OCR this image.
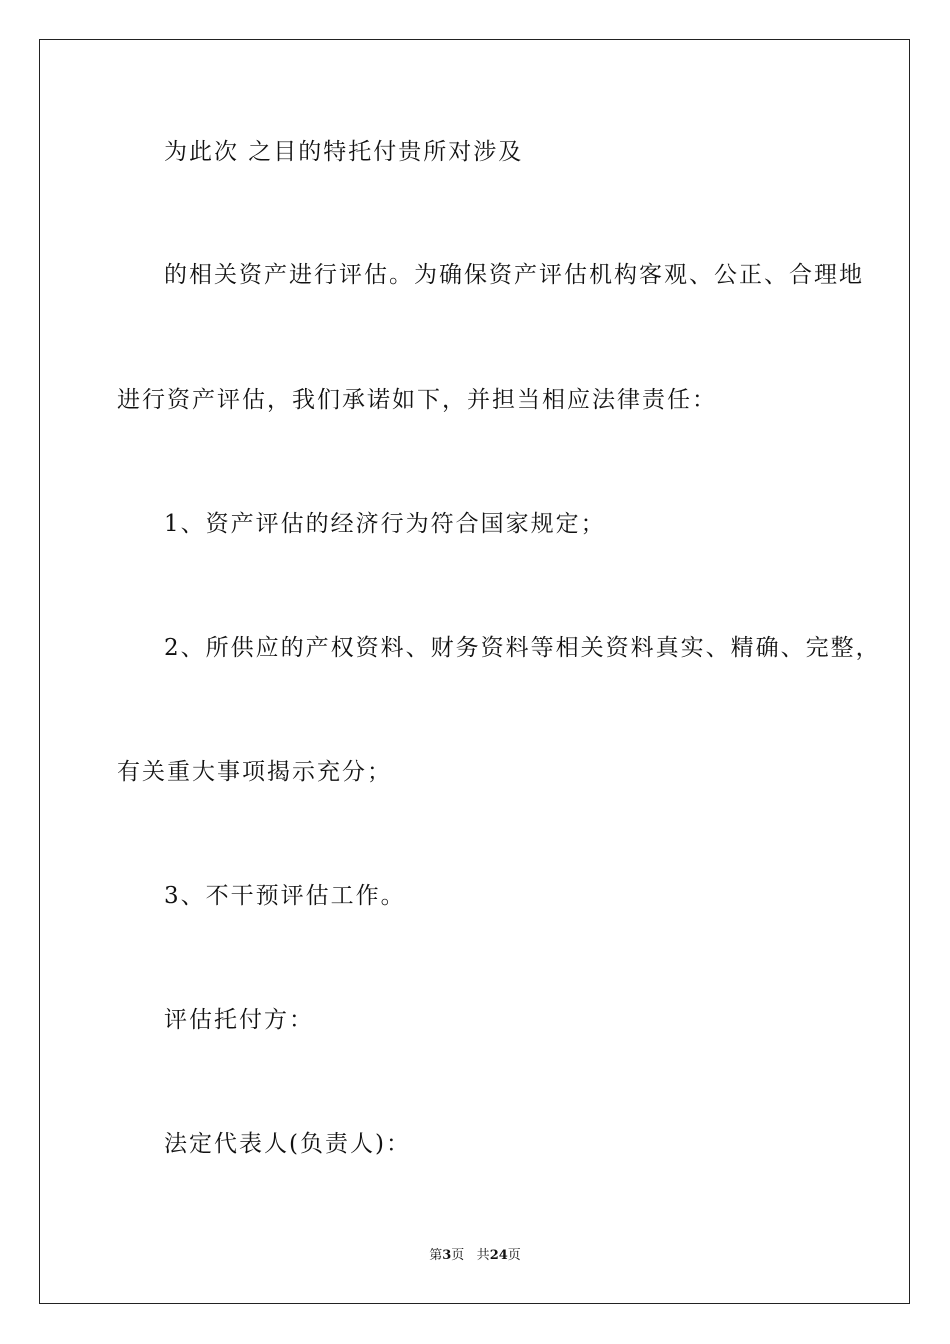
为此次 之目的特托付贵所对涉及
的相关资产进行评估。为确保资产评估机构客观、公正、合理地
进行资产评估，我们承诺如下，并担当相应法律责任：
1、资产评估的经济行为符合国家规定；
2、所供应的产权资料、财务资料等相关资料真实、精确、完整，
有关重大事项揭示充分；
3、不干预评估工作。
评估托付方：
法定代表人(负责人)：
第3页 共24页
